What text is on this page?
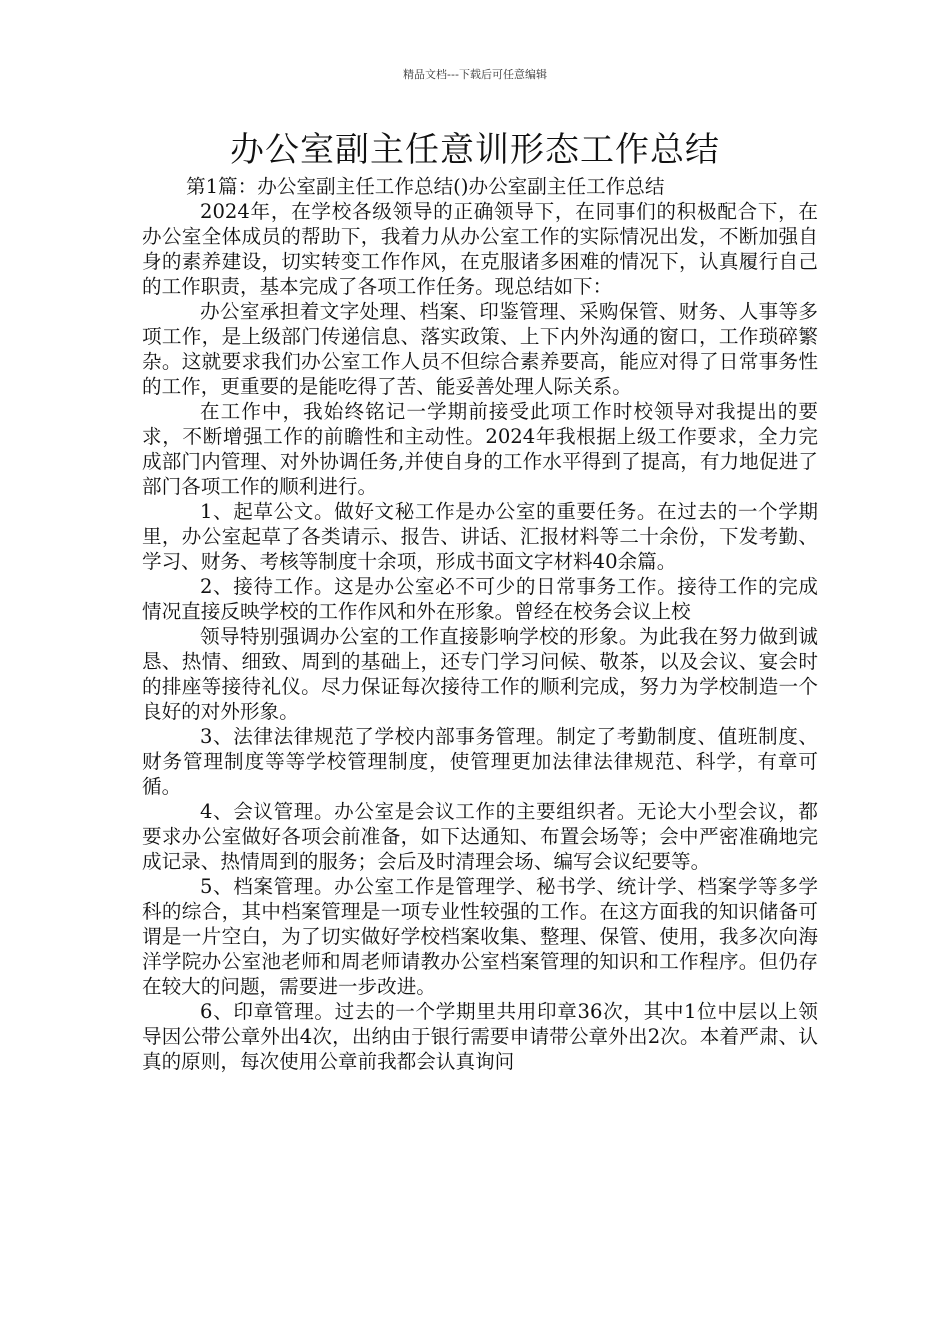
精品文档---下载后可任意编辑
办公室副主任意训形态工作总结

第1篇：办公室副主任工作总结()办公室副主任工作总结

2024年，在学校各级领导的正确领导下，在同事们的积极配合下，在办公室全体成员的帮助下，我着力从办公室工作的实际情况出发，不断加强自身的素养建设，切实转变工作作风，在克服诸多困难的情况下，认真履行自己的工作职责，基本完成了各项工作任务。现总结如下：

办公室承担着文字处理、档案、印鉴管理、采购保管、财务、人事等多项工作，是上级部门传递信息、落实政策、上下内外沟通的窗口，工作琐碎繁杂。这就要求我们办公室工作人员不但综合素养要高，能应对得了日常事务性的工作，更重要的是能吃得了苦、能妥善处理人际关系。

在工作中，我始终铭记一学期前接受此项工作时校领导对我提出的要求，不断增强工作的前瞻性和主动性。2024年我根据上级工作要求，全力完成部门内管理、对外协调任务,并使自身的工作水平得到了提高，有力地促进了部门各项工作的顺利进行。

1、起草公文。做好文秘工作是办公室的重要任务。在过去的一个学期里，办公室起草了各类请示、报告、讲话、汇报材料等二十余份，下发考勤、学习、财务、考核等制度十余项，形成书面文字材料40余篇。

2、接待工作。这是办公室必不可少的日常事务工作。接待工作的完成情况直接反映学校的工作作风和外在形象。曾经在校务会议上校

领导特别强调办公室的工作直接影响学校的形象。为此我在努力做到诚恳、热情、细致、周到的基础上，还专门学习问候、敬茶，以及会议、宴会时的排座等接待礼仪。尽力保证每次接待工作的顺利完成，努力为学校制造一个良好的对外形象。

3、法律法律规范了学校内部事务管理。制定了考勤制度、值班制度、财务管理制度等等学校管理制度，使管理更加法律法律规范、科学，有章可循。

4、会议管理。办公室是会议工作的主要组织者。无论大小型会议，都要求办公室做好各项会前准备，如下达通知、布置会场等；会中严密准确地完成记录、热情周到的服务；会后及时清理会场、编写会议纪要等。

5、档案管理。办公室工作是管理学、秘书学、统计学、档案学等多学科的综合，其中档案管理是一项专业性较强的工作。在这方面我的知识储备可谓是一片空白，为了切实做好学校档案收集、整理、保管、使用，我多次向海洋学院办公室池老师和周老师请教办公室档案管理的知识和工作程序。但仍存在较大的问题，需要进一步改进。

6、印章管理。过去的一个学期里共用印章36次，其中1位中层以上领导因公带公章外出4次，出纳由于银行需要申请带公章外出2次。本着严肃、认真的原则，每次使用公章前我都会认真询问
